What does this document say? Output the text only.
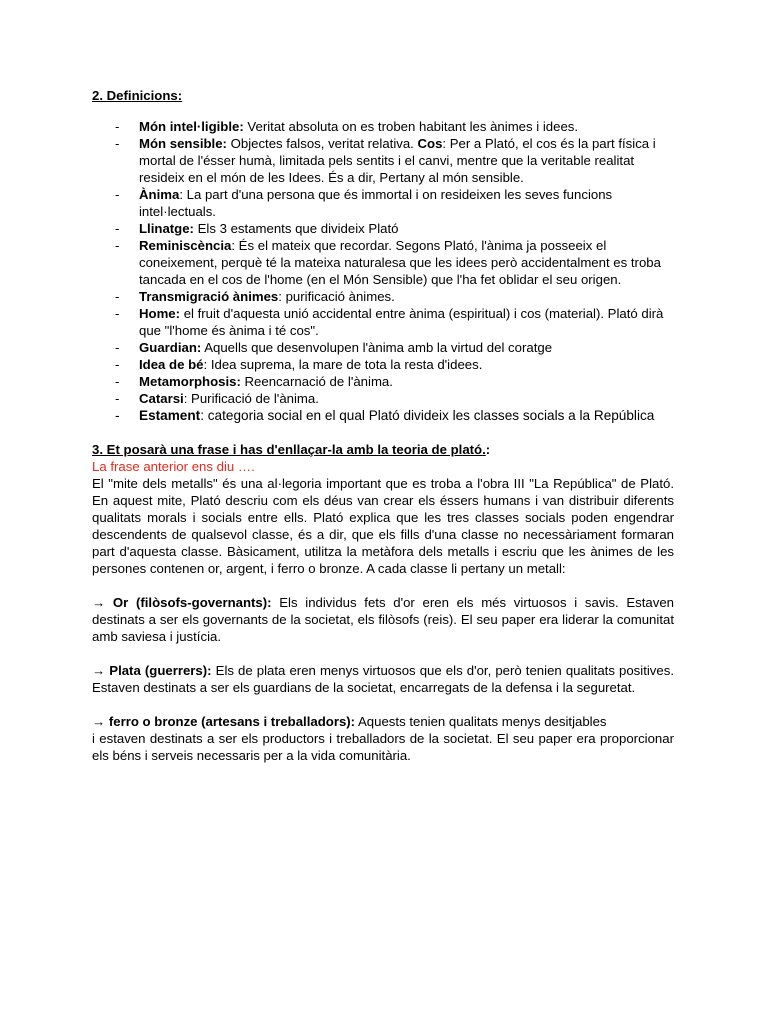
2. Definicions:

- Món intel·ligible: Veritat absoluta on es troben habitant les ànimes i idees.
- Món sensible: Objectes falsos, veritat relativa. Cos: Per a Plató, el cos és la part física i mortal de l'ésser humà, limitada pels sentits i el canvi, mentre que la veritable realitat resideix en el món de les Idees. És a dir, Pertany al món sensible.
- Ànima: La part d'una persona que és immortal i on resideixen les seves funcions intel·lectuals.
- Llinatge: Els 3 estaments que divideix Plató
- Reminiscència: És el mateix que recordar. Segons Plató, l'ànima ja posseeix el coneixement, perquè té la mateixa naturalesa que les idees però accidentalment es troba tancada en el cos de l'home (en el Món Sensible) que l'ha fet oblidar el seu origen.
- Transmigració ànimes: purificació ànimes.
- Home: el fruit d'aquesta unió accidental entre ànima (espiritual) i cos (material). Plató dirà que "l'home és ànima i té cos".
- Guardian: Aquells que desenvolupen l'ànima amb la virtud del coratge
- Idea de bé: Idea suprema, la mare de tota la resta d'idees.
- Metamorphosis: Reencarnació de l'ànima.
- Catarsi: Purificació de l'ànima.
- Estament: categoria social en el qual Plató divideix les classes socials a la República

3. Et posarà una frase i has d'enllaçar-la amb la teoria de plató.:

La frase anterior ens diu ….

El "mite dels metalls" és una al·legoria important que es troba a l'obra III "La República" de Plató. En aquest mite, Plató descriu com els déus van crear els éssers humans i van distribuir diferents qualitats morals i socials entre ells. Plató explica que les tres classes socials poden engendrar descendents de qualsevol classe, és a dir, que els fills d'una classe no necessàriament formaran part d'aquesta classe. Bàsicament, utilitza la metàfora dels metalls i escriu que les ànimes de les persones contenen or, argent, i ferro o bronze. A cada classe li pertany un metall:

→ Or (filòsofs-governants): Els individus fets d'or eren els més virtuosos i savis. Estaven destinats a ser els governants de la societat, els filòsofs (reis). El seu paper era liderar la comunitat amb saviesa i justícia.

→ Plata (guerrers): Els de plata eren menys virtuosos que els d'or, però tenien qualitats positives. Estaven destinats a ser els guardians de la societat, encarregats de la defensa i la seguretat.

→ ferro o bronze (artesans i treballadors): Aquests tenien qualitats menys desitjables

i estaven destinats a ser els productors i treballadors de la societat. El seu paper era proporcionar els béns i serveis necessaris per a la vida comunitària.
